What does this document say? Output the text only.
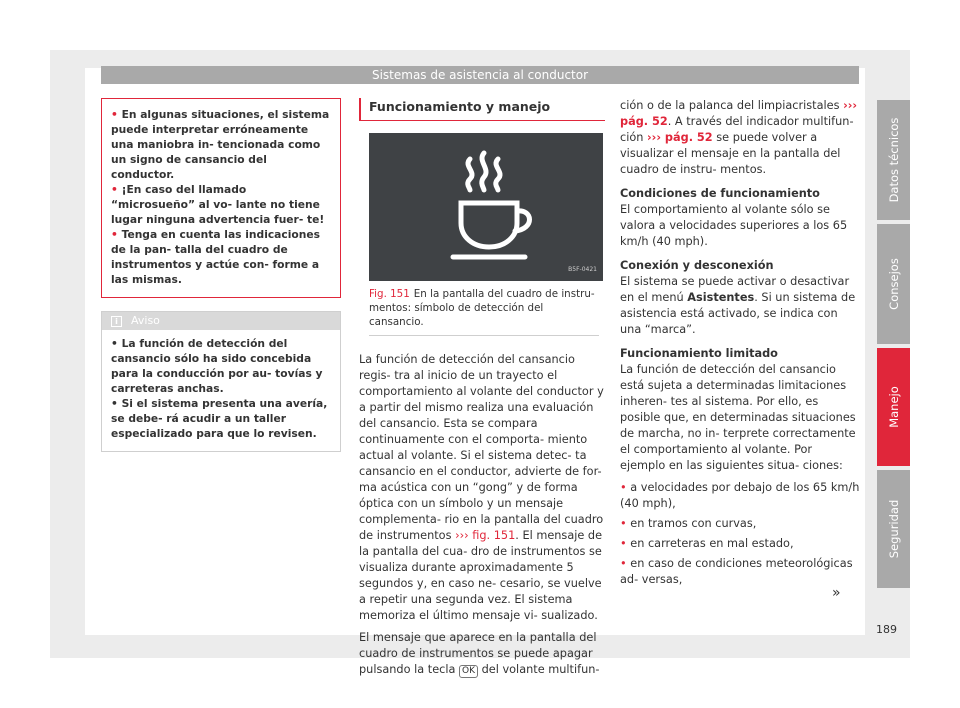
Sistemas de asistencia al conductor
• En algunas situaciones, el sistema puede interpretar erróneamente una maniobra in- tencionada como un signo de cansancio del conductor.
• ¡En caso del llamado “microsueño” al vo- lante no tiene lugar ninguna advertencia fuer- te!
• Tenga en cuenta las indicaciones de la pan- talla del cuadro de instrumentos y actúe con- forme a las mismas.
i	Aviso

• La función de detección del cansancio sólo ha sido concebida para la conducción por au- tovías y carreteras anchas.

• Si el sistema presenta una avería, se debe- rá acudir a un taller especializado para que lo revisen.

Funcionamiento y manejo
B5F-0421
Fig. 151 En la pantalla del cuadro de instru- mentos: símbolo de detección del cansancio.

La función de detección del cansancio regis- tra al inicio de un trayecto el comportamiento al volante del conductor y a partir del mismo realiza una evaluación del cansancio. Esta se compara continuamente con el comporta- miento actual al volante. Si el sistema detec- ta cansancio en el conductor, advierte de for- ma acústica con un “gong” y de forma óptica con un símbolo y un mensaje complementa- rio en la pantalla del cuadro de instrumentos ››› fig. 151. El mensaje de la pantalla del cua- dro de instrumentos se visualiza durante aproximadamente 5 segundos y, en caso ne- cesario, se vuelve a repetir una segunda vez. El sistema memoriza el último mensaje vi- sualizado.

El mensaje que aparece en la pantalla del cuadro de instrumentos se puede apagar pulsando la tecla OK del volante multifun-

ción o de la palanca del limpiacristales ››› pág. 52. A través del indicador multifun- ción ››› pág. 52 se puede volver a visualizar el mensaje en la pantalla del cuadro de instru- mentos.

Condiciones de funcionamiento

El comportamiento al volante sólo se valora a velocidades superiores a los 65 km/h (40 mph).

Conexión y desconexión

El sistema se puede activar o desactivar en el menú Asistentes. Si un sistema de asistencia está activado, se indica con una “marca”.

Funcionamiento limitado

La función de detección del cansancio está sujeta a determinadas limitaciones inheren- tes al sistema. Por ello, es posible que, en determinadas situaciones de marcha, no in- terprete correctamente el comportamiento al volante. Por ejemplo en las siguientes situa- ciones:

• a velocidades por debajo de los 65 km/h (40 mph),
• en tramos con curvas,
• en carreteras en mal estado,
• en caso de condiciones meteorológicas ad- versas,
»
Datos técnicos
Consejos
Manejo
Seguridad
189
